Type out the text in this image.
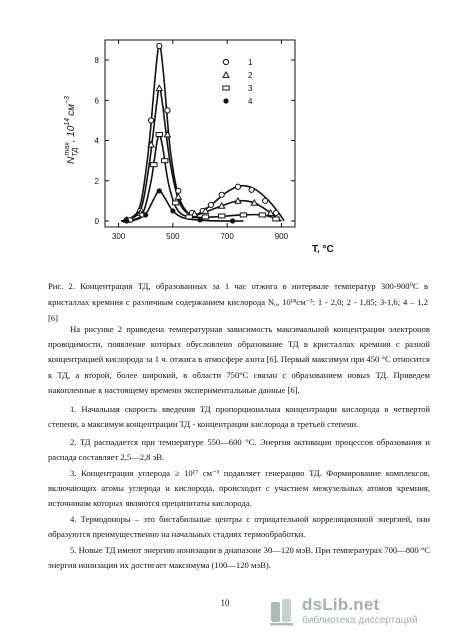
300	500	700	900
0
2
4
6
8
$N_{ТД}\max$, $10^{14}см^{-3}$
T, °C
1
2
3
4
Рис. 2. Концентрация ТД, образованных за 1 час отжига в интервале температур 300-900⁰С в кристаллах кремния с различным содержанием кислорода N₀, 10¹⁸см⁻³: 1 - 2,0; 2 - 1,85; 3-1,6; 4 – 1,2 [6]
На рисунке 2 приведена температурная зависимость максимальной концентрации электронов проводимости, появление которых обусловлено образование ТД в кристаллах кремния с разной концентрацией кислорода за 1 ч. отжига в атмосфере азота [6]. Первый максимум при 450 °С относится к ТД, а второй, более широкий, в области 750°С связан с образованием новых ТД. Приведем накопленные к настоящему времени экспериментальные данные [6].
1. Начальная скорость введения ТД пропорциональна концентрации кислорода в четвертой степени, а максимум концентрации ТД - концентрации кислорода в третьей степени.
2. ТД распадается при температуре 550—600 °С. Энергия активации процессов образования и распада составляет 2,5—2,8 эВ.
3. Концентрация углерода ≥ 10¹⁷ см⁻³ подавляет генерацию ТД. Формирование комплексов, включающих атомы углерода и кислорода, происходит с участием межузельных атомов кремния, источником которых являются преципитаты кислорода.
4. Термодоноры – это бистабильные центры с отрицательной корреляционной энергией, они образуются преимущественно на начальных стадиях термообработки.
5. Новые ТД имеют энергию ионизации в диапазоне 30—120 мэВ. При температурах 700—800 °С энергия ионизации их достигает максимума (100—120 мэВ).
10	dsLib.net
библиотека диссертаций
